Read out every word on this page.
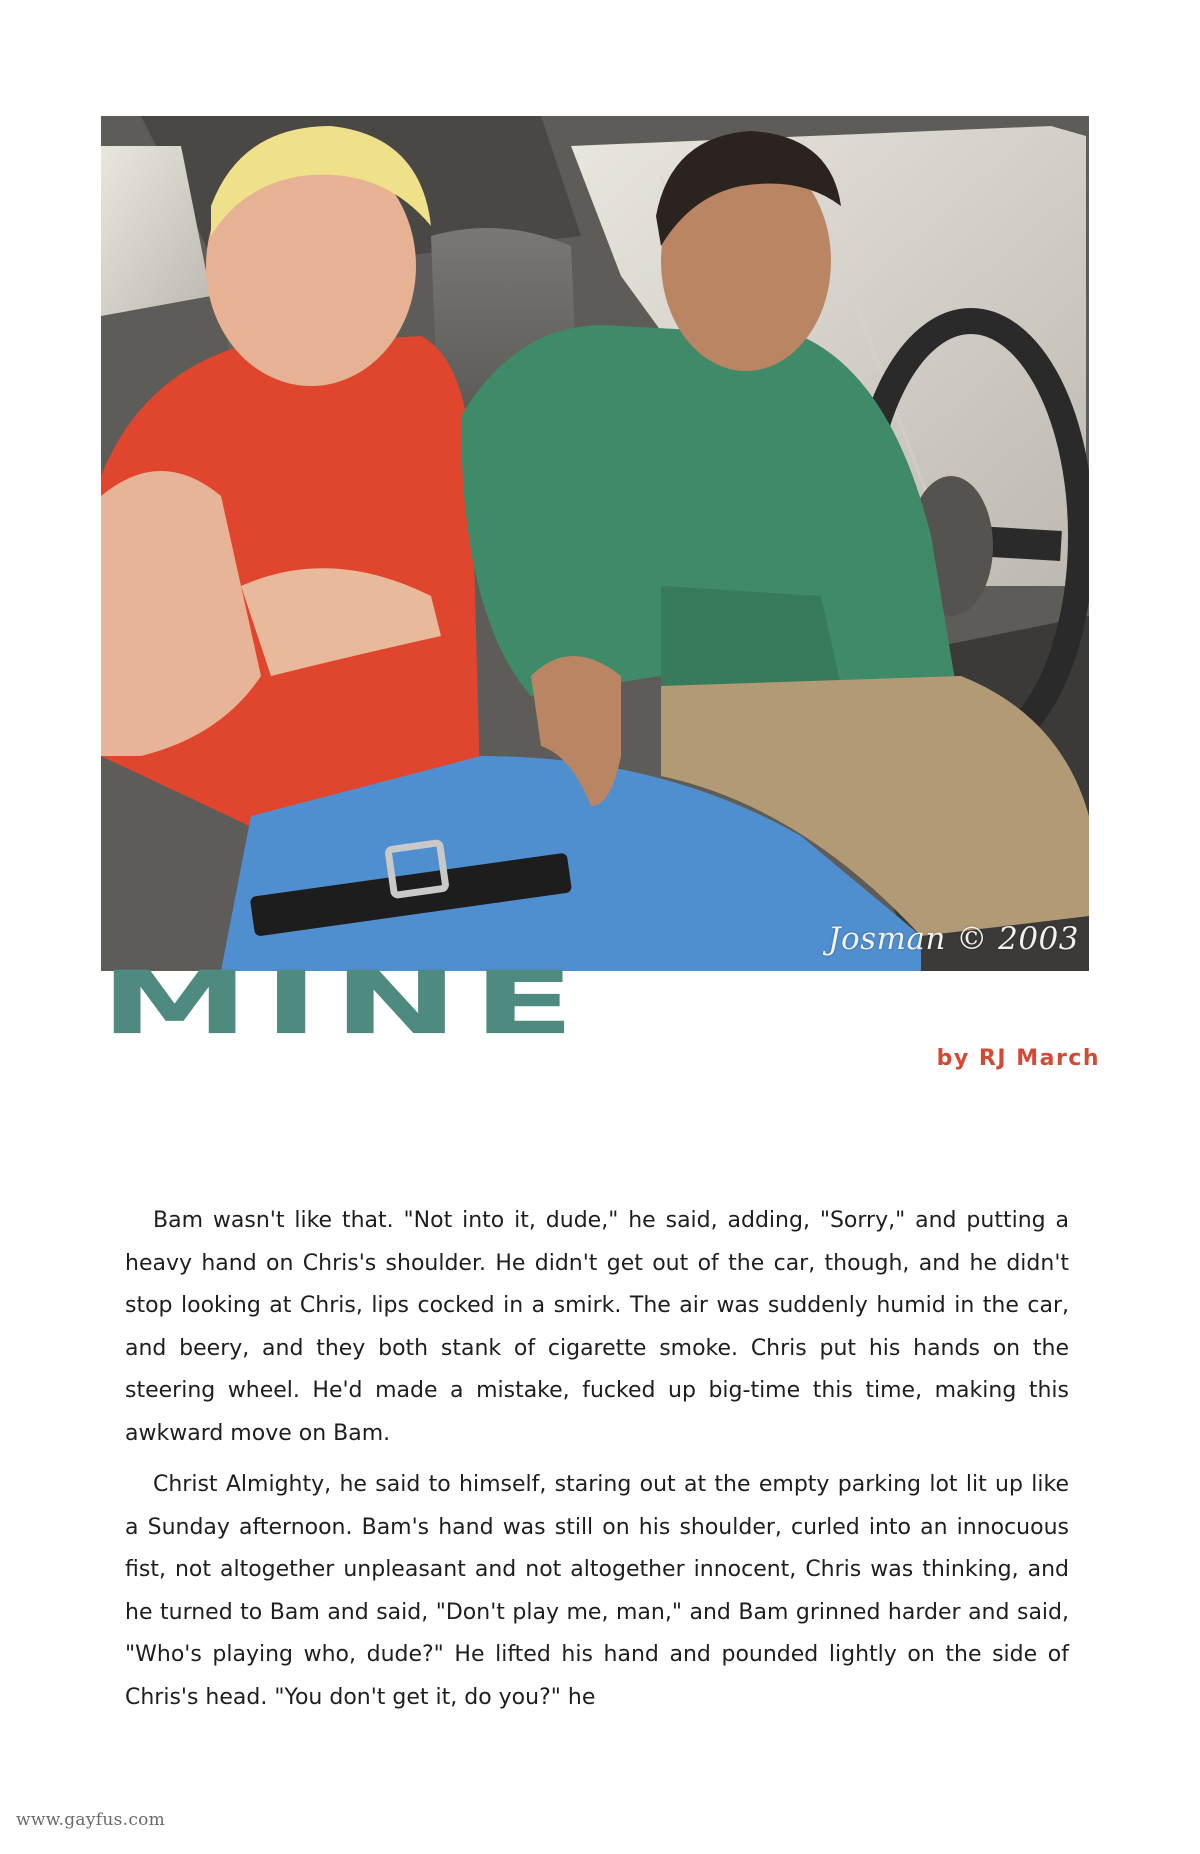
Josman © 2003
MINE
by RJ March

Bam wasn't like that. "Not into it, dude," he said, adding, "Sorry," and putting a heavy hand on Chris's shoulder. He didn't get out of the car, though, and he didn't stop looking at Chris, lips cocked in a smirk. The air was suddenly humid in the car, and beery, and they both stank of cigarette smoke. Chris put his hands on the steering wheel. He'd made a mistake, fucked up big-time this time, making this awkward move on Bam.

Christ Almighty, he said to himself, staring out at the empty parking lot lit up like a Sunday afternoon. Bam's hand was still on his shoulder, curled into an innocuous fist, not altogether unpleasant and not altogether innocent, Chris was thinking, and he turned to Bam and said, "Don't play me, man," and Bam grinned harder and said, "Who's playing who, dude?" He lifted his hand and pounded lightly on the side of Chris's head. "You don't get it, do you?" he

www.gayfus.com
